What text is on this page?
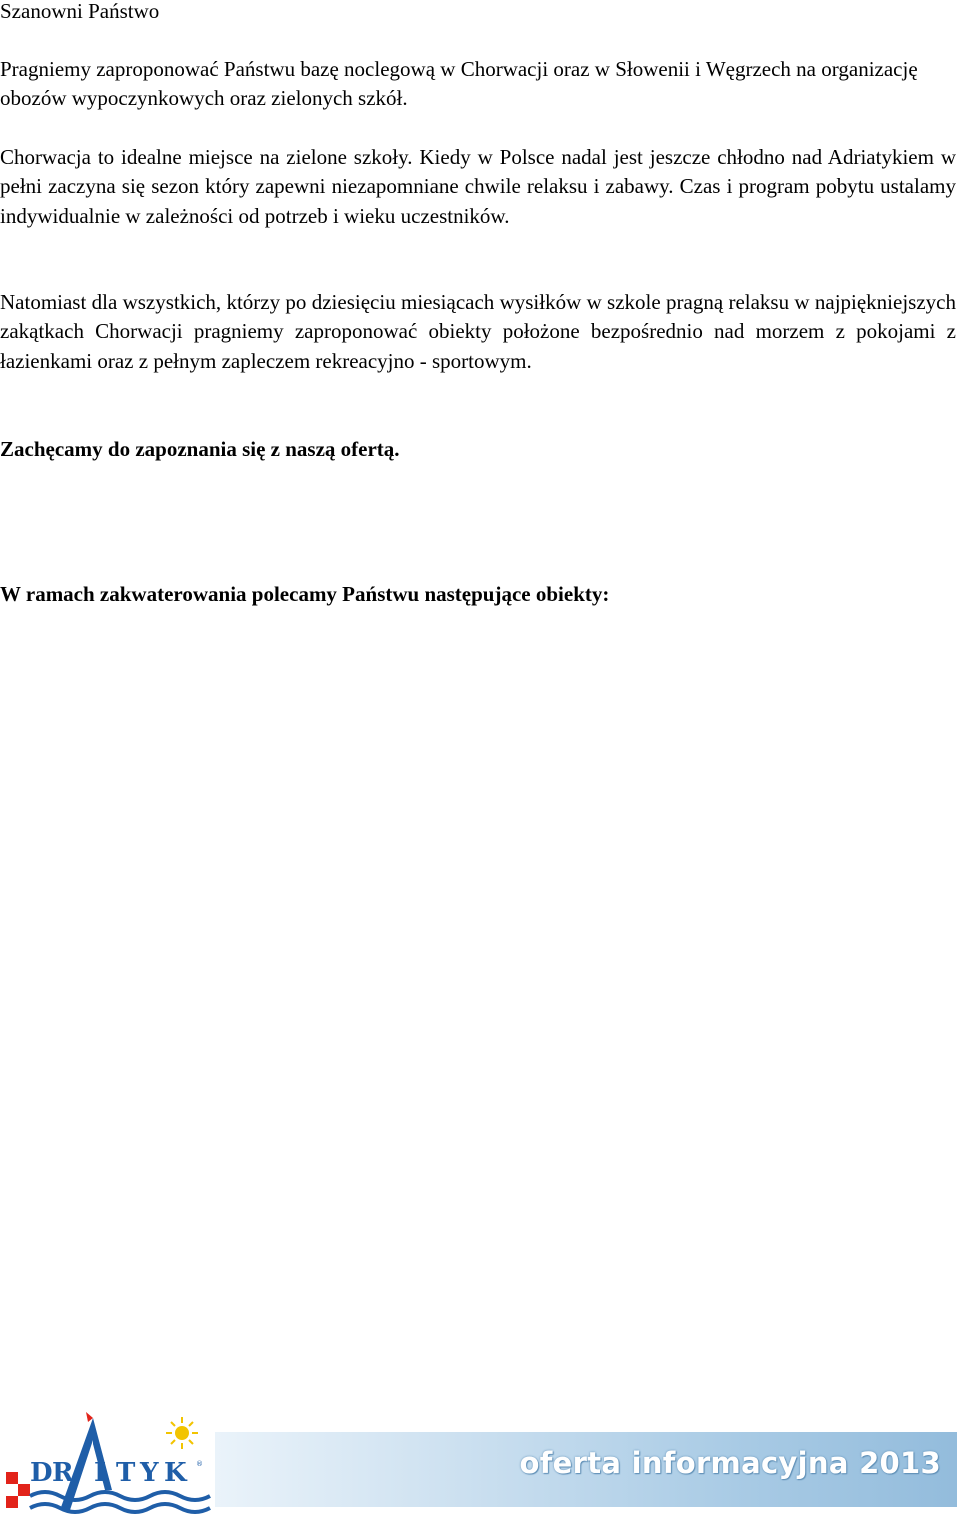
Szanowni Państwo

Pragniemy zaproponować Państwu bazę noclegową w Chorwacji oraz w Słowenii i Węgrzech na organizację obozów wypoczynkowych oraz zielonych szkół.

Chorwacja to idealne miejsce na zielone szkoły. Kiedy w Polsce nadal jest jeszcze chłodno nad Adriatykiem w pełni zaczyna się sezon który zapewni niezapomniane chwile relaksu i zabawy. Czas i program pobytu ustalamy indywidualnie w zależności od potrzeb i wieku uczestników.

Natomiast dla wszystkich, którzy po dziesięciu miesiącach wysiłków w szkole pragną relaksu w najpiękniejszych zakątkach Chorwacji pragniemy zaproponować obiekty położone bezpośrednio nad morzem z pokojami z łazienkami oraz z pełnym zapleczem rekreacyjno - sportowym.

Zachęcamy do zapoznania się z naszą ofertą.

W ramach zakwaterowania polecamy Państwu następujące obiekty:

oferta informacyjna 2013
D R I T Y K ®
